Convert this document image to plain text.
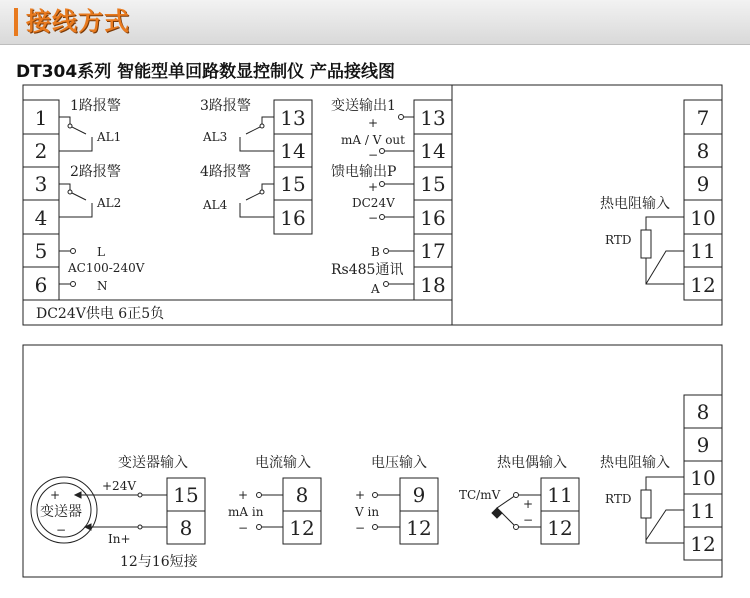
接线方式
DT304系列 智能型单回路数显控制仪 产品接线图
1
2
3
4
5
6
13
14
15
16
13
14
15
16
17
18
1路报警
AL1
2路报警
AL2
3路报警
AL3
4路报警
AL4
L
AC100-240V
N
DC24V供电 6正5负
变送输出1
+
mA / V out
−
馈电输出P
+
DC24V
−
B
Rs485通讯
A
7
8
9
10
11
12
热电阻输入
RTD
变送器输入
+24V
+
变送器
−
In+
12与16短接
15
8
电流输入
+
mA in
−
8
12
电压输入
+
V in
−
9
12
热电偶输入
TC/mV
+
−
11
12
热电阻输入
RTD
8
9
10
11
12
